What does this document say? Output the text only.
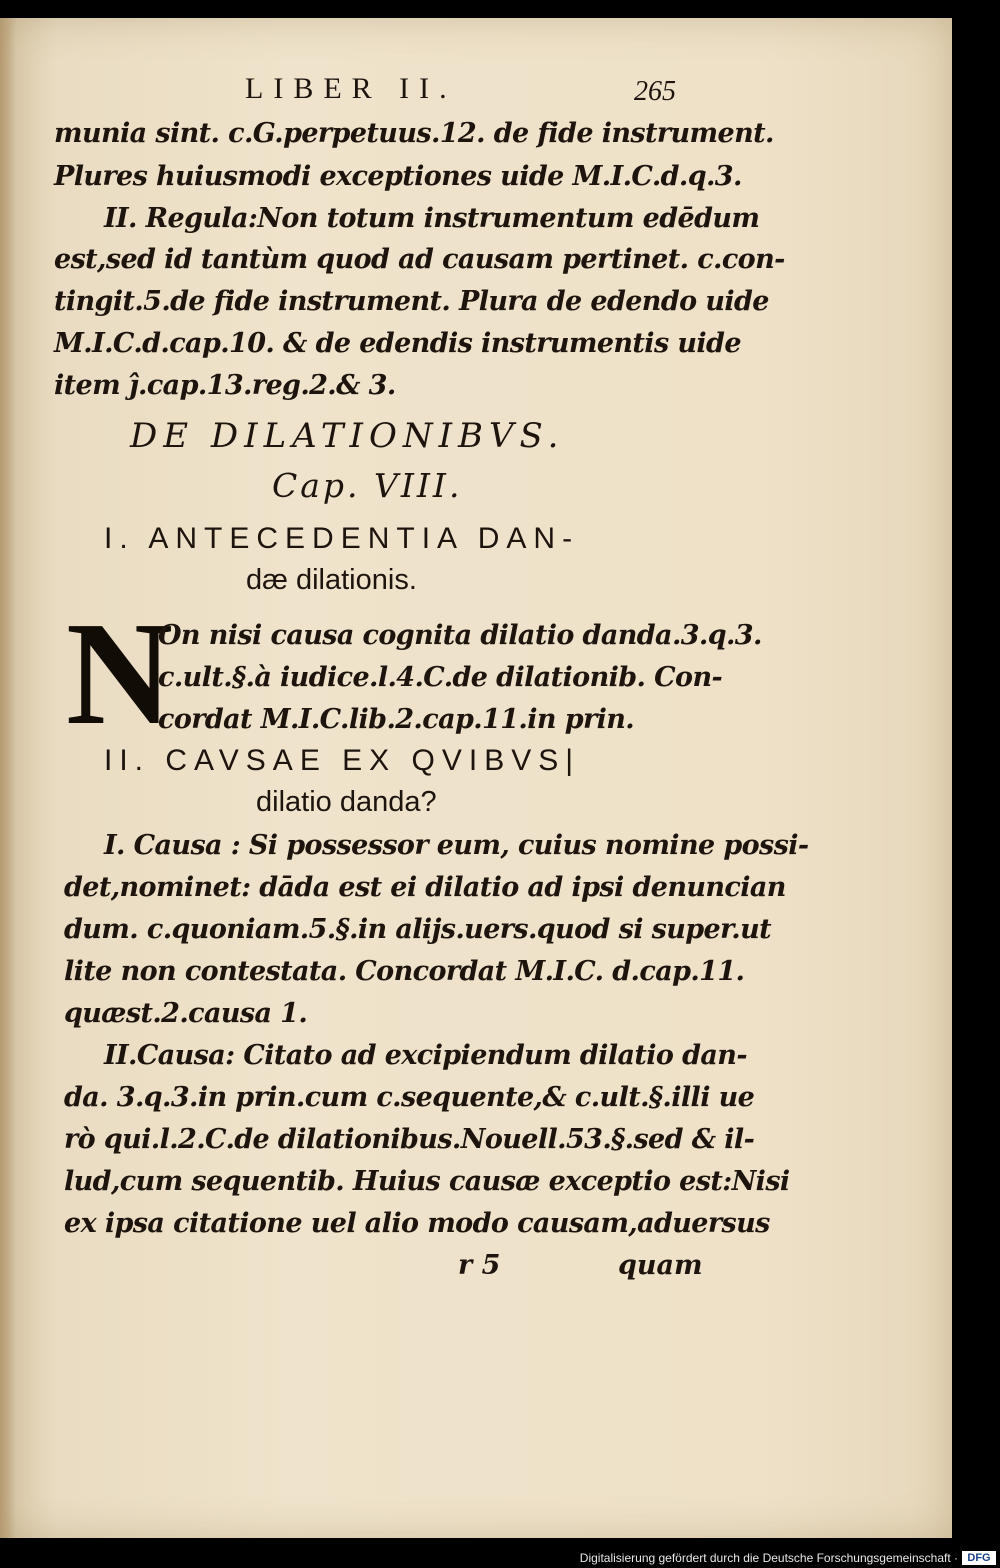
LIBER II.	265
munia sint. c.G.perpetuus.12. de fide instrument.
Plures huiusmodi exceptiones uide M.I.C.d.q.3.
II. Regula:Non totum instrumentum edēdum
est,sed id tantùm quod ad causam pertinet. c.con-
tingit.5.de fide instrument. Plura de edendo uide
M.I.C.d.cap.10. & de edendis instrumentis uide
item ĵ.cap.13.reg.2.& 3.
DE DILATIONIBVS.
Cap. VIII.
I. ANTECEDENTIA DAN-
dæ dilationis.
N
On nisi causa cognita dilatio danda.3.q.3.
c.ult.§.à iudice.l.4.C.de dilationib. Con-
cordat M.I.C.lib.2.cap.11.in prin.
II. CAVSAE EX QVIBVS|
dilatio danda?
I. Causa : Si possessor eum, cuius nomine possi-
det,nominet: dāda est ei dilatio ad ipsi denuncian
dum. c.quoniam.5.§.in alijs.uers.quod si super.ut
lite non contestata. Concordat M.I.C. d.cap.11.
quæst.2.causa 1.
II.Causa: Citato ad excipiendum dilatio dan-
da. 3.q.3.in prin.cum c.sequente,& c.ult.§.illi ue
rò qui.l.2.C.de dilationibus.Nouell.53.§.sed & il-
lud,cum sequentib. Huius causæ exceptio est:Nisi
ex ipsa citatione uel alio modo causam,aduersus
r 5	quam
Digitalisierung gefördert durch die Deutsche Forschungsgemeinschaft · DFG
